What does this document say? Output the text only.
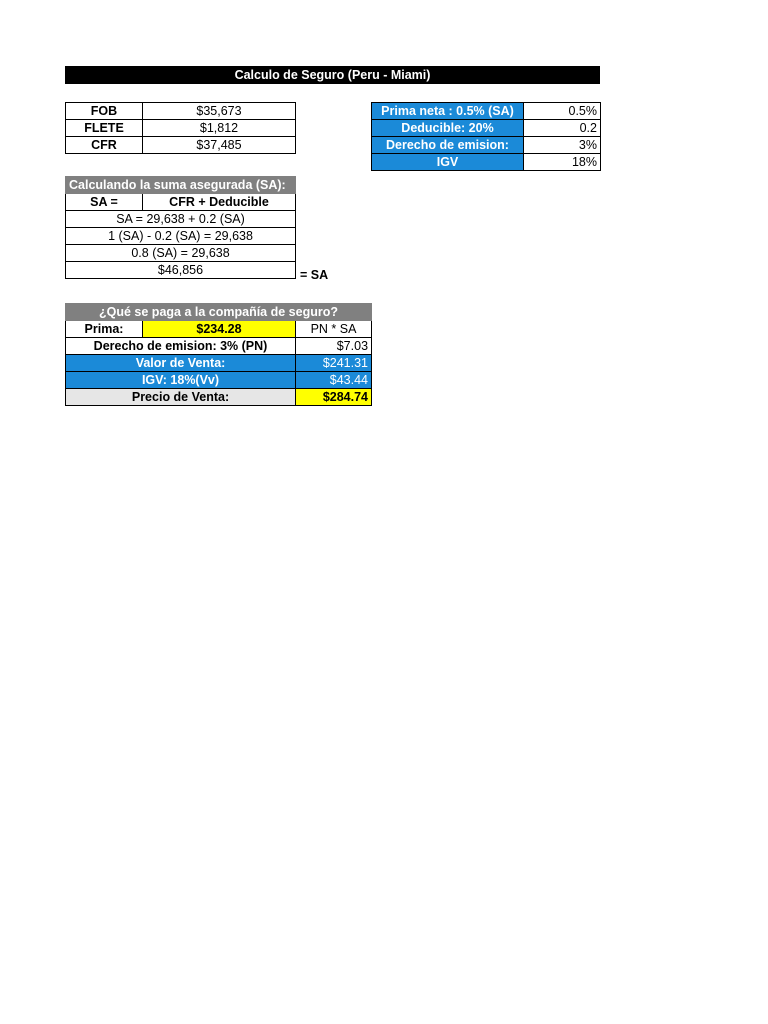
Calculo de Seguro (Peru - Miami)
FOB	$35,673
FLETE	$1,812
CFR	$37,485
Prima neta : 0.5% (SA)	0.5%
Deducible: 20%	0.2
Derecho de emision:	3%
IGV	18%
Calculando la suma asegurada (SA):
SA =	CFR + Deducible
SA = 29,638 + 0.2 (SA)
1 (SA) - 0.2 (SA) = 29,638
0.8 (SA) = 29,638
$46,856	= SA
¿Qué se paga a la compañía de seguro?		
Prima:	$234.28	PN * SA
Derecho de emision: 3% (PN)		$7.03
Valor de Venta:		$241.31
IGV: 18%(Vv)		$43.44
Precio de Venta:		$284.74
